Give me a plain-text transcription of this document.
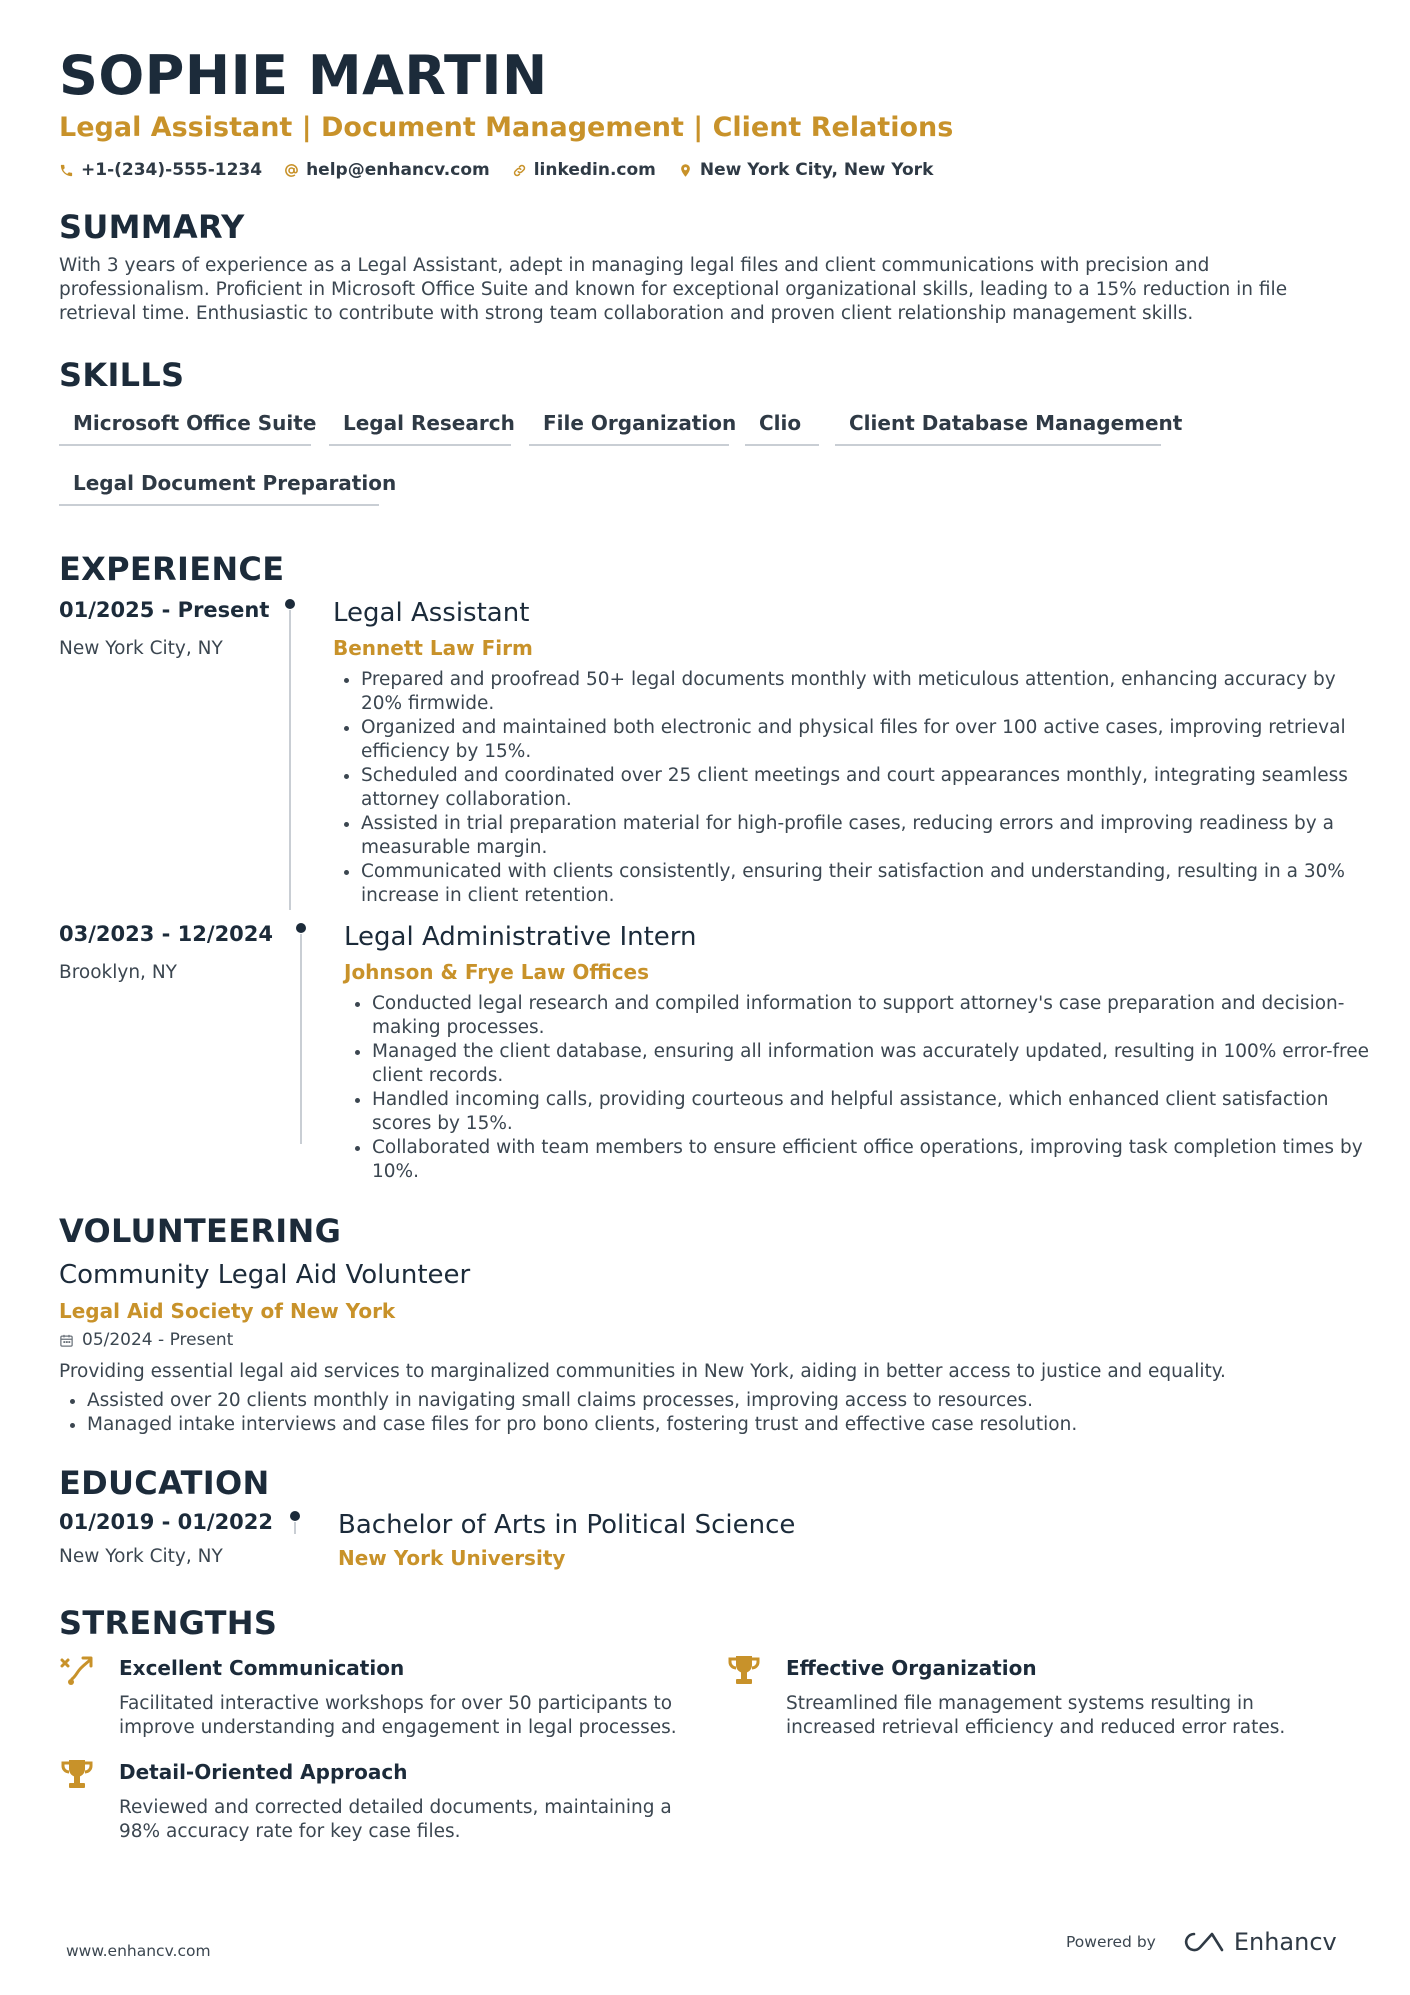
SOPHIE MARTIN
Legal Assistant | Document Management | Client Relations
+1-(234)-555-1234	help@enhancv.com	linkedin.com	New York City, New York
SUMMARY

With 3 years of experience as a Legal Assistant, adept in managing legal files and client communications with precision and professionalism. Proficient in Microsoft Office Suite and known for exceptional organizational skills, leading to a 15% reduction in file retrieval time. Enthusiastic to contribute with strong team collaboration and proven client relationship management skills.

SKILLS
Microsoft Office Suite	Legal Research	File Organization	Clio	Client Database Management
Legal Document Preparation
EXPERIENCE
01/2025 - Present
New York City, NY
Legal Assistant
Bennett Law Firm
• Prepared and proofread 50+ legal documents monthly with meticulous attention, enhancing accuracy by 20% firmwide.
• Organized and maintained both electronic and physical files for over 100 active cases, improving retrieval efficiency by 15%.
• Scheduled and coordinated over 25 client meetings and court appearances monthly, integrating seamless attorney collaboration.
• Assisted in trial preparation material for high-profile cases, reducing errors and improving readiness by a measurable margin.
• Communicated with clients consistently, ensuring their satisfaction and understanding, resulting in a 30% increase in client retention.
03/2023 - 12/2024
Brooklyn, NY
Legal Administrative Intern
Johnson & Frye Law Offices
• Conducted legal research and compiled information to support attorney's case preparation and decision-making processes.
• Managed the client database, ensuring all information was accurately updated, resulting in 100% error-free client records.
• Handled incoming calls, providing courteous and helpful assistance, which enhanced client satisfaction scores by 15%.
• Collaborated with team members to ensure efficient office operations, improving task completion times by 10%.
VOLUNTEERING
Community Legal Aid Volunteer
Legal Aid Society of New York
05/2024 - Present

Providing essential legal aid services to marginalized communities in New York, aiding in better access to justice and equality.

• Assisted over 20 clients monthly in navigating small claims processes, improving access to resources.
• Managed intake interviews and case files for pro bono clients, fostering trust and effective case resolution.
EDUCATION
01/2019 - 01/2022
New York City, NY
Bachelor of Arts in Political Science
New York University
STRENGTHS
Excellent Communication

Facilitated interactive workshops for over 50 participants to improve understanding and engagement in legal processes.

Effective Organization

Streamlined file management systems resulting in increased retrieval efficiency and reduced error rates.

Detail-Oriented Approach

Reviewed and corrected detailed documents, maintaining a 98% accuracy rate for key case files.

www.enhancv.com	Powered by	Enhancv
